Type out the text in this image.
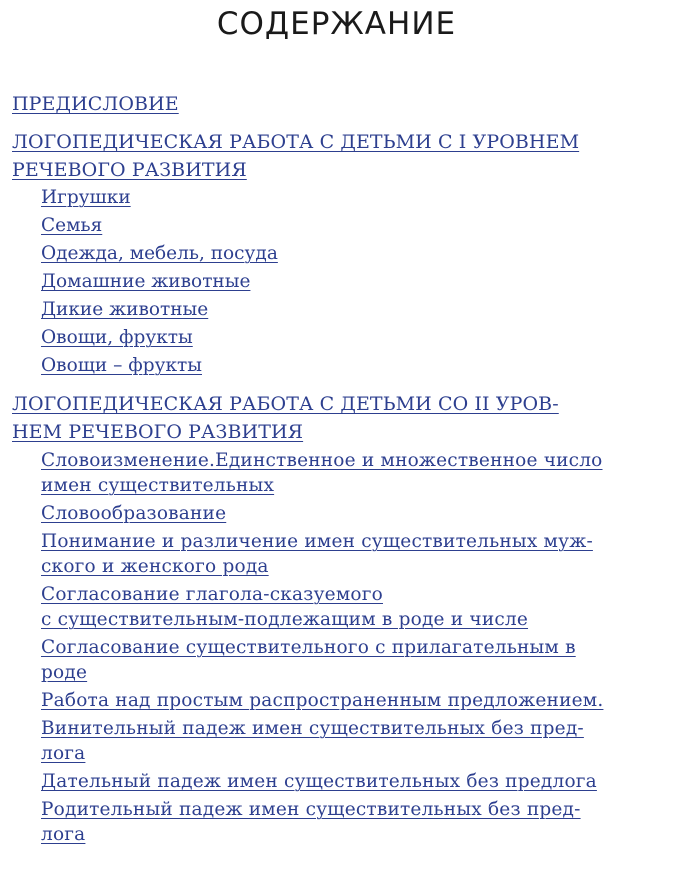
СОДЕРЖАНИЕ
ПРЕДИСЛОВИЕ
ЛОГОПЕДИЧЕСКАЯ РАБОТА С ДЕТЬМИ С I УРОВНЕМ
РЕЧЕВОГО РАЗВИТИЯ
Игрушки
Семья
Одежда, мебель, посуда
Домашние животные
Дикие животные
Овощи, фрукты
Овощи – фрукты
ЛОГОПЕДИЧЕСКАЯ РАБОТА С ДЕТЬМИ СО II УРОВ-
НЕМ РЕЧЕВОГО РАЗВИТИЯ
Словоизменение.Единственное и множественное число
имен существительных
Словообразование
Понимание и различение имен существительных муж-
ского и женского рода
Согласование глагола-сказуемого
с существительным-подлежащим в роде и числе
Согласование существительного с прилагательным в
роде
Работа над простым распространенным предложением.
Винительный падеж имен существительных без пред-
лога
Дательный падеж имен существительных без предлога
Родительный падеж имен существительных без пред-
лога
